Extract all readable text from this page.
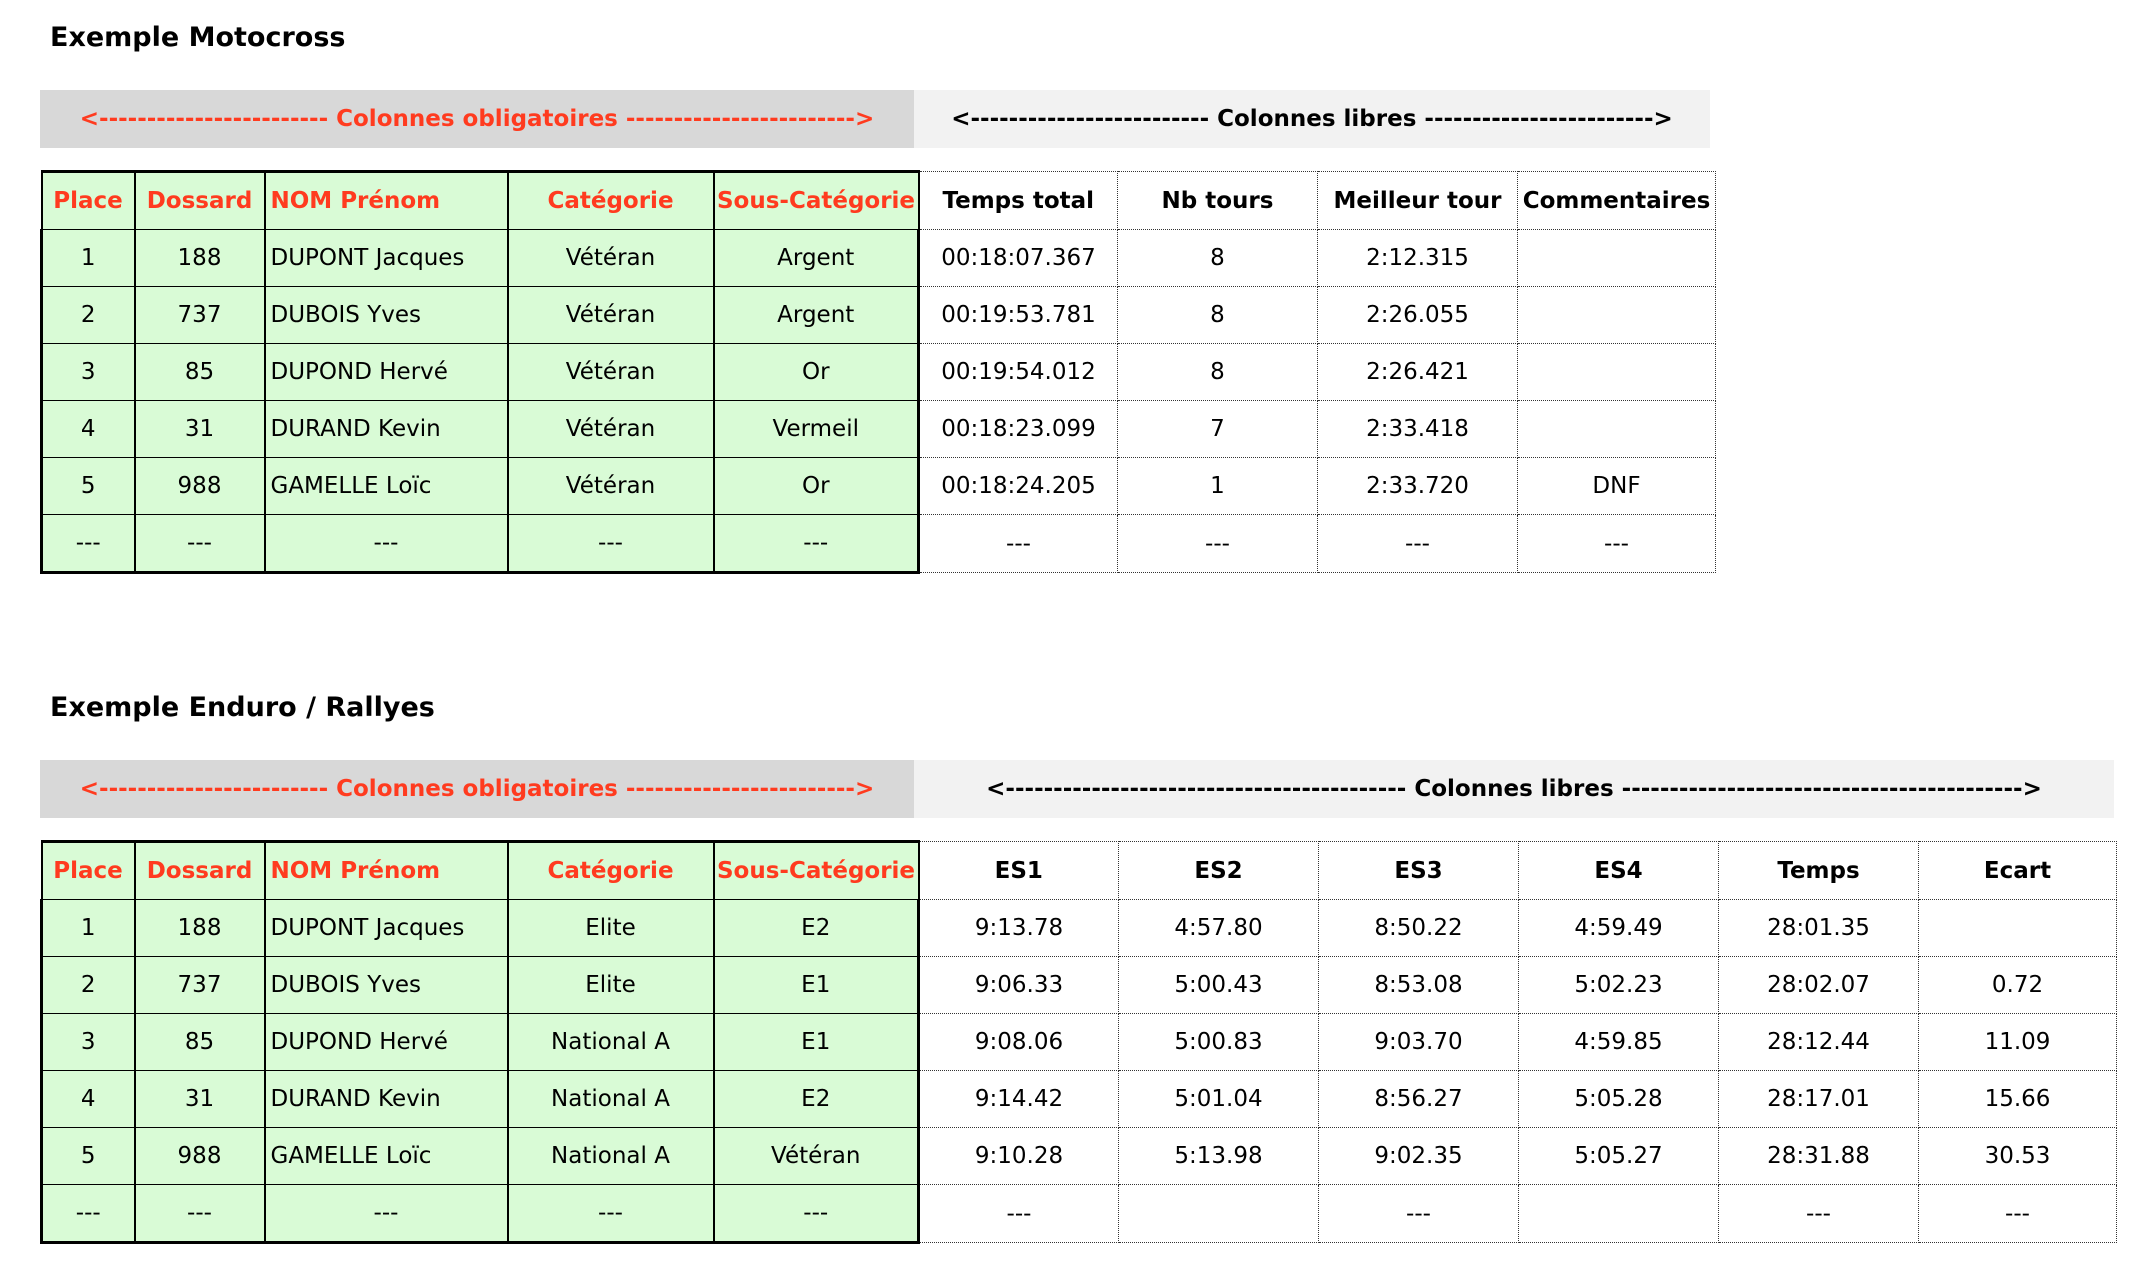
Exemple Motocross
<------------------------ Colonnes obligatoires ------------------------>	<------------------------- Colonnes libres ------------------------>
Place	Dossard	NOM Prénom	Catégorie	Sous-Catégorie	Temps total	Nb tours	Meilleur tour	Commentaires
1	188	DUPONT Jacques	Vétéran	Argent	00:18:07.367	8	2:12.315	
2	737	DUBOIS Yves	Vétéran	Argent	00:19:53.781	8	2:26.055	
3	85	DUPOND Hervé	Vétéran	Or	00:19:54.012	8	2:26.421	
4	31	DURAND Kevin	Vétéran	Vermeil	00:18:23.099	7	2:33.418	
5	988	GAMELLE Loïc	Vétéran	Or	00:18:24.205	1	2:33.720	DNF
---	---	---	---	---	---	---	---	---
Exemple Enduro / Rallyes
<------------------------ Colonnes obligatoires ------------------------>	<------------------------------------------ Colonnes libres ------------------------------------------>
Place	Dossard	NOM Prénom	Catégorie	Sous-Catégorie	ES1	ES2	ES3	ES4	Temps	Ecart
1	188	DUPONT Jacques	Elite	E2	9:13.78	4:57.80	8:50.22	4:59.49	28:01.35	
2	737	DUBOIS Yves	Elite	E1	9:06.33	5:00.43	8:53.08	5:02.23	28:02.07	0.72
3	85	DUPOND Hervé	National A	E1	9:08.06	5:00.83	9:03.70	4:59.85	28:12.44	11.09
4	31	DURAND Kevin	National A	E2	9:14.42	5:01.04	8:56.27	5:05.28	28:17.01	15.66
5	988	GAMELLE Loïc	National A	Vétéran	9:10.28	5:13.98	9:02.35	5:05.27	28:31.88	30.53
---	---	---	---	---	---		---		---	---
